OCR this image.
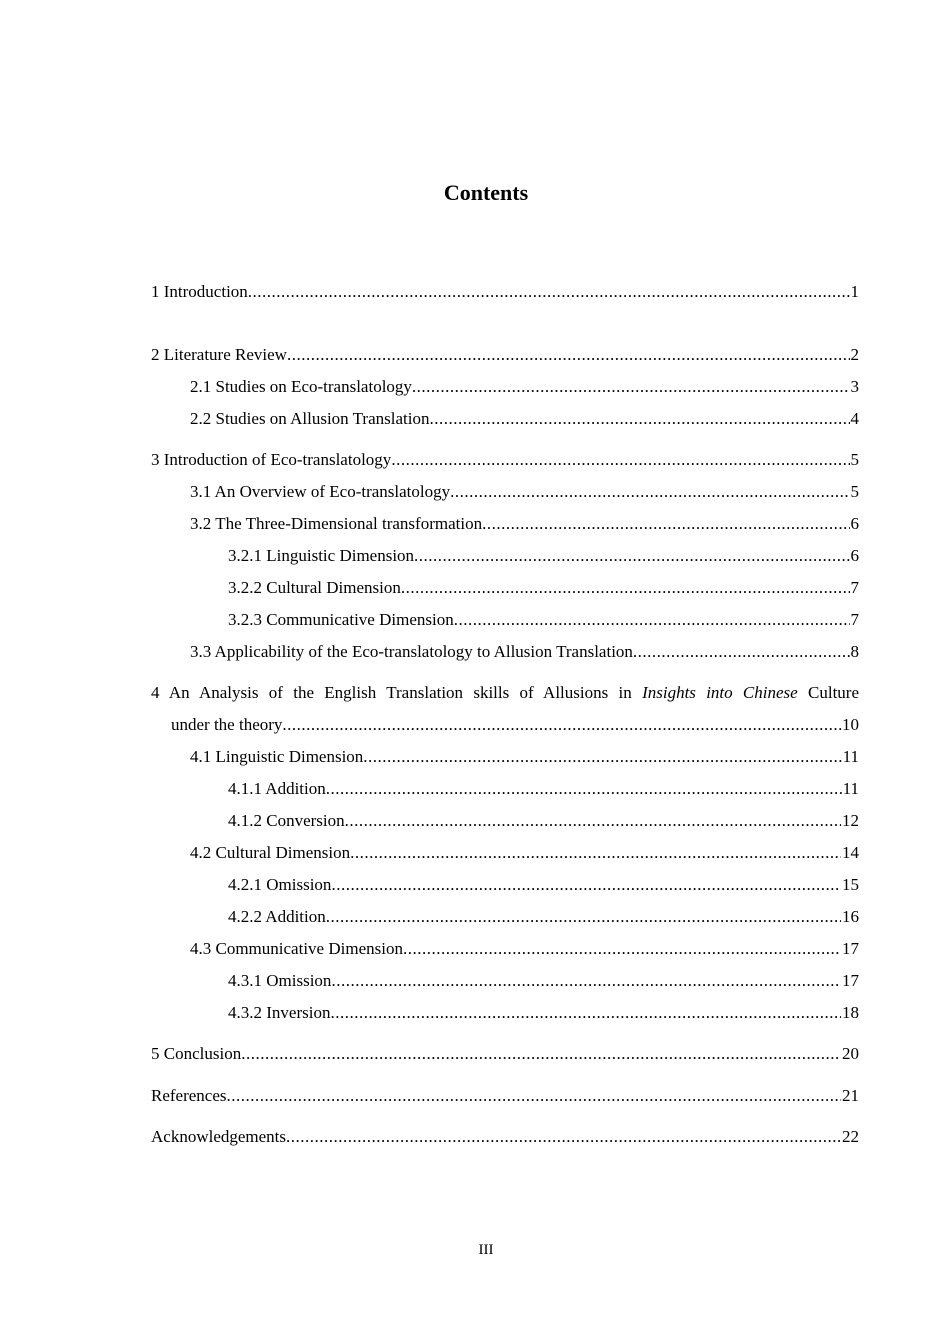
Contents
1 Introduction .....	1
2 Literature Review .....	2
2.1 Studies on Eco-translatology .....	3
2.2 Studies on Allusion Translation .....	4
3 Introduction of Eco-translatology .....	5
3.1 An Overview of Eco-translatology .....	5
3.2 The Three-Dimensional transformation .....	6
3.2.1 Linguistic Dimension .....	6
3.2.2 Cultural Dimension .....	7
3.2.3 Communicative Dimension .....	7
3.3 Applicability of the Eco-translatology to Allusion Translation .....	8
4 An Analysis of the English Translation skills of Allusions in Insights into Chinese Culture
under the theory .....	10
4.1 Linguistic Dimension .....	11
4.1.1 Addition .....	11
4.1.2 Conversion .....	12
4.2 Cultural Dimension .....	14
4.2.1 Omission .....	15
4.2.2 Addition .....	16
4.3 Communicative Dimension .....	17
4.3.1 Omission .....	17
4.3.2 Inversion .....	18
5 Conclusion .....	20
References .....	21
Acknowledgements .....	22
III
